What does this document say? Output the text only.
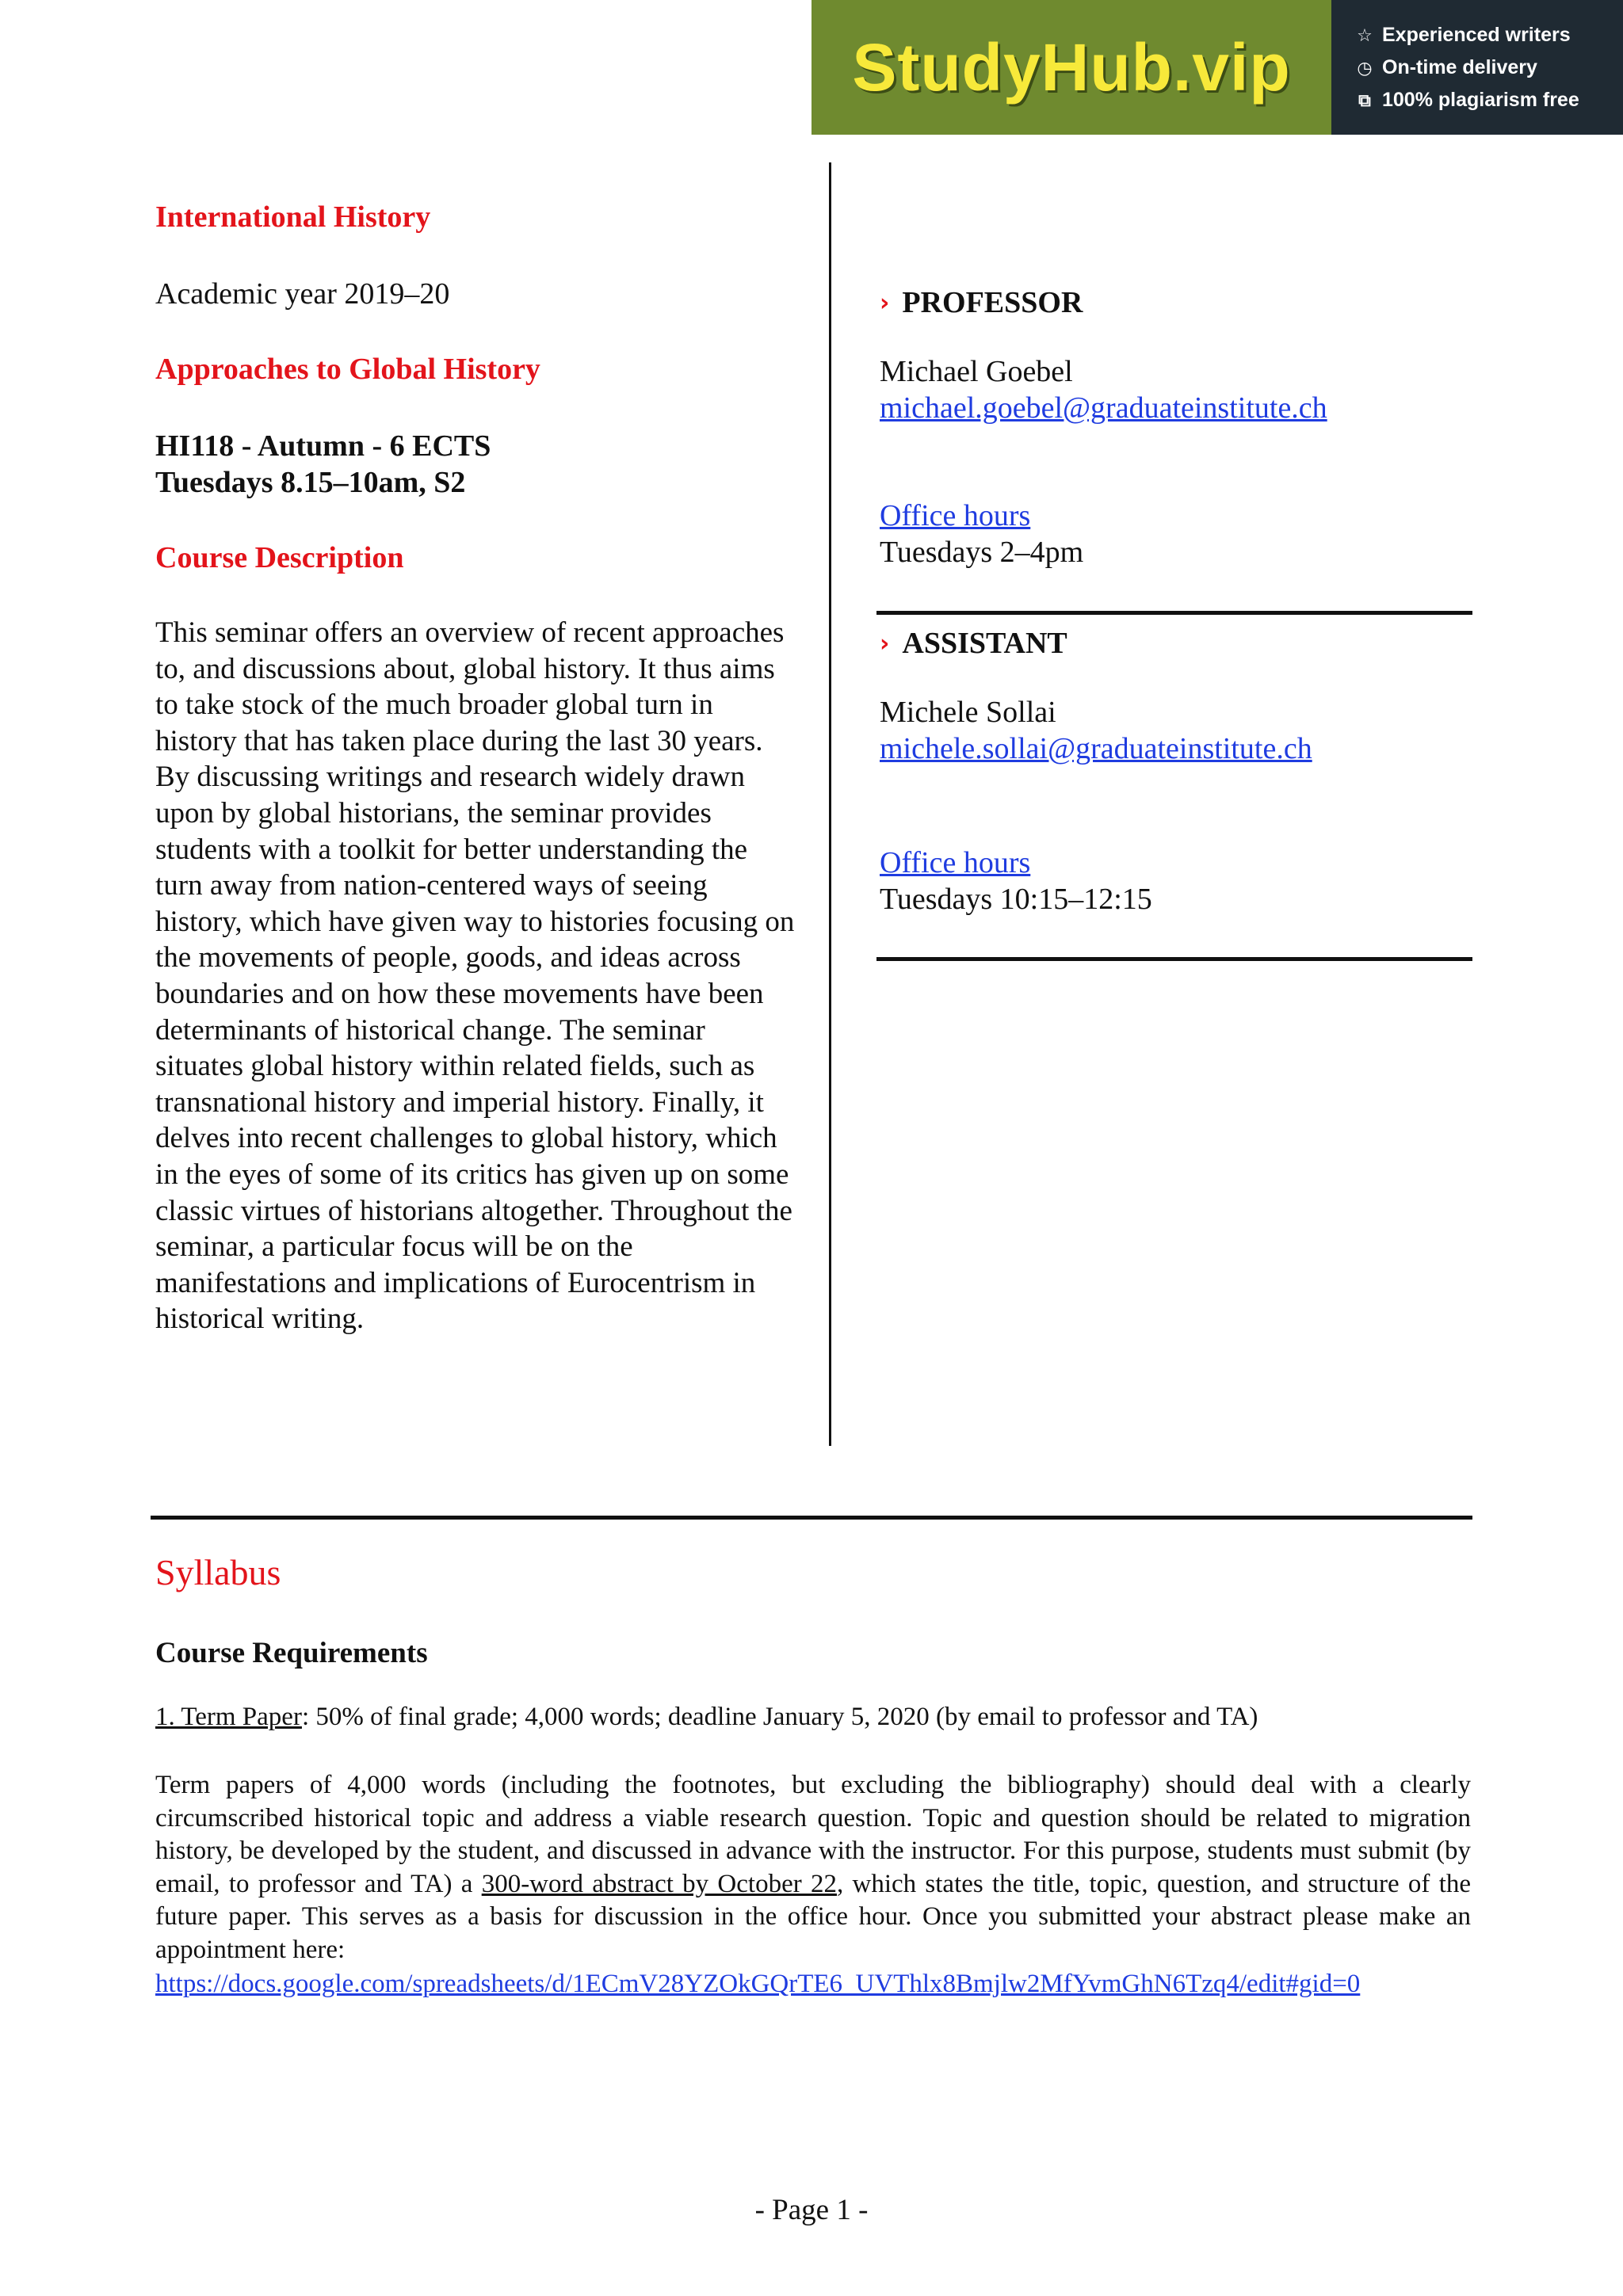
StudyHub.vip	☆ Experienced writers
◷ On-time delivery
⧉ 100% plagiarism free

International History

Academic year 2019–20

Approaches to Global History

HI118 - Autumn - 6 ECTS

Tuesdays 8.15–10am, S2

Course Description

This seminar offers an overview of recent approaches to, and discussions about, global history. It thus aims to take stock of the much broader global turn in history that has taken place during the last 30 years. By discussing writings and research widely drawn upon by global historians, the seminar provides students with a toolkit for better understanding the turn away from nation-centered ways of seeing history, which have given way to histories focusing on the movements of people, goods, and ideas across boundaries and on how these movements have been determinants of historical change. The seminar situates global history within related fields, such as transnational history and imperial history. Finally, it delves into recent challenges to global history, which in the eyes of some of its critics has given up on some classic virtues of historians altogether. Throughout the seminar, a particular focus will be on the manifestations and implications of Eurocentrism in historical writing.

› PROFESSOR

Michael Goebel

michael.goebel@graduateinstitute.ch
Office hours

Tuesdays 2–4pm

› ASSISTANT

Michele Sollai

michele.sollai@graduateinstitute.ch
Office hours

Tuesdays 10:15–12:15

Syllabus

Course Requirements

1. Term Paper: 50% of final grade; 4,000 words; deadline January 5, 2020 (by email to professor and TA)

Term papers of 4,000 words (including the footnotes, but excluding the bibliography) should deal with a clearly circumscribed historical topic and address a viable research question. Topic and question should be related to migration history, be developed by the student, and discussed in advance with the instructor. For this purpose, students must submit (by email, to professor and TA) a 300-word abstract by October 22, which states the title, topic, question, and structure of the future paper. This serves as a basis for discussion in the office hour. Once you submitted your abstract please make an appointment here:

https://docs.google.com/spreadsheets/d/1ECmV28YZOkGQrTE6_UVThlx8Bmjlw2MfYvmGhN6Tzq4/edit#gid=0

- Page 1 -
